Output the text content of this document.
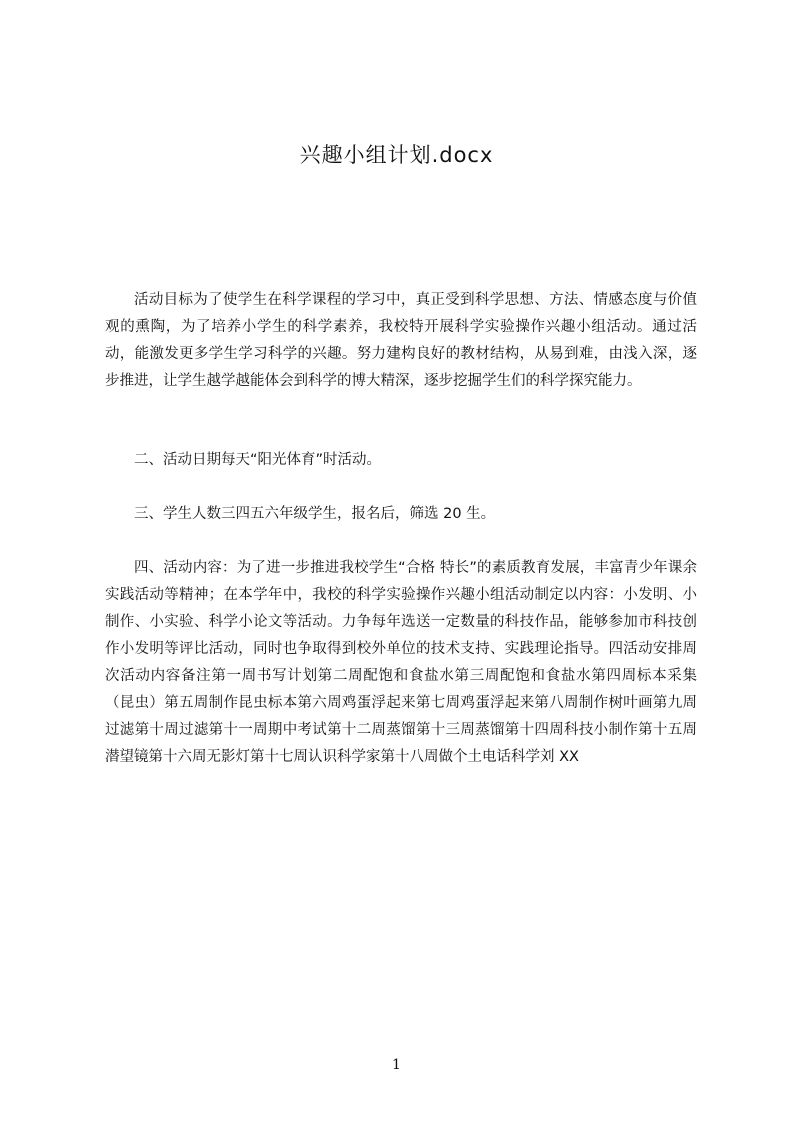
兴趣小组计划.docx

活动目标为了使学生在科学课程的学习中，真正受到科学思想、方法、情感态度与价值观的熏陶，为了培养小学生的科学素养，我校特开展科学实验操作兴趣小组活动。通过活动，能激发更多学生学习科学的兴趣。努力建构良好的教材结构，从易到难，由浅入深，逐步推进，让学生越学越能体会到科学的博大精深，逐步挖掘学生们的科学探究能力。

二、活动日期每天“阳光体育”时活动。

三、学生人数三四五六年级学生，报名后，筛选 20 生。

四、活动内容：为了进一步推进我校学生“合格 特长”的素质教育发展，丰富青少年课余实践活动等精神；在本学年中，我校的科学实验操作兴趣小组活动制定以内容：小发明、小制作、小实验、科学小论文等活动。力争每年选送一定数量的科技作品，能够参加市科技创作小发明等评比活动，同时也争取得到校外单位的技术支持、实践理论指导。四活动安排周次活动内容备注第一周书写计划第二周配饱和食盐水第三周配饱和食盐水第四周标本采集（昆虫）第五周制作昆虫标本第六周鸡蛋浮起来第七周鸡蛋浮起来第八周制作树叶画第九周过滤第十周过滤第十一周期中考试第十二周蒸馏第十三周蒸馏第十四周科技小制作第十五周潜望镜第十六周无影灯第十七周认识科学家第十八周做个土电话科学刘 XX

1
